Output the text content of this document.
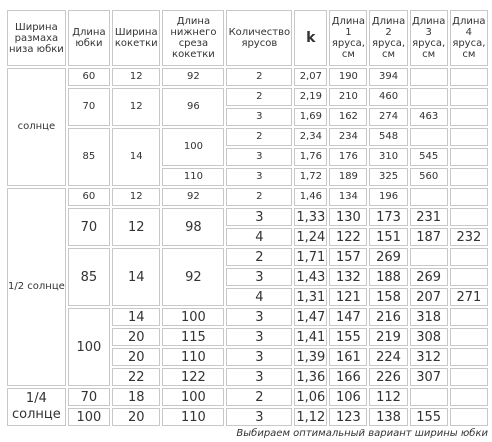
Ширина размаха низа юбки	Длина юбки	Ширина кокетки	Длина нижнего среза кокетки	Количество ярусов	k	Длина 1 яруса, см	Длина 2 яруса, см	Длина 3 яруса, см	Длина 4 яруса, см
солнце	60	12	92	2	2,07	190	394		
	70	12	96	2	2,19	210	460		
				3	1,69	162	274	463	
	85	14	100	2	2,34	234	548		
				3	1,76	176	310	545	
			110	3	1,72	189	325	560	
1/2 солнце	60	12	92	2	1,46	134	196		
	70	12	98	3	1,33	130	173	231	
				4	1,24	122	151	187	232
	85	14	92	2	1,71	157	269		
				3	1,43	132	188	269	
				4	1,31	121	158	207	271
	100	14	100	3	1,47	147	216	318	
		20	115	3	1,41	155	219	308	
		20	110	3	1,39	161	224	312	
		22	122	3	1,36	166	226	307	
1/4 солнце	70	18	100	2	1,06	106	112		
	100	20	110	3	1,12	123	138	155	
Выбираем оптимальный вариант ширины юбки
